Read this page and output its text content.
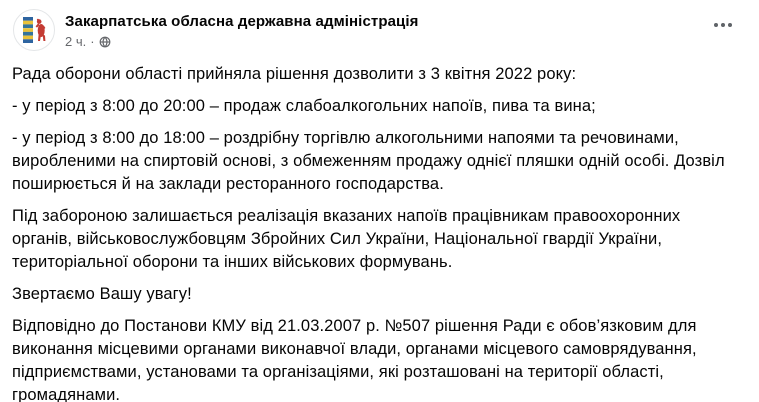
Закарпатська обласна державна адміністрація
2 ч. ·

Рада оборони області прийняла рішення дозволити з 3 квітня 2022 року:

- у період з 8:00 до 20:00 – продаж слабоалкогольних напоїв, пива та вина;

- у період з 8:00 до 18:00 – роздрібну торгівлю алкогольними напоями та речовинами, виробленими на спиртовій основі, з обмеженням продажу однієї пляшки одній особі. Дозвіл поширюється й на заклади ресторанного господарства.

Під забороною залишається реалізація вказаних напоїв працівникам правоохоронних органів, військовослужбовцям Збройних Сил України, Національної гвардії України, територіальної оборони та інших військових формувань.

Звертаємо Вашу увагу!

Відповідно до Постанови КМУ від 21.03.2007 р. №507 рішення Ради є обов’язковим для виконання місцевими органами виконавчої влади, органами місцевого самоврядування, підприємствами, установами та організаціями, які розташовані на території області, громадянами.
